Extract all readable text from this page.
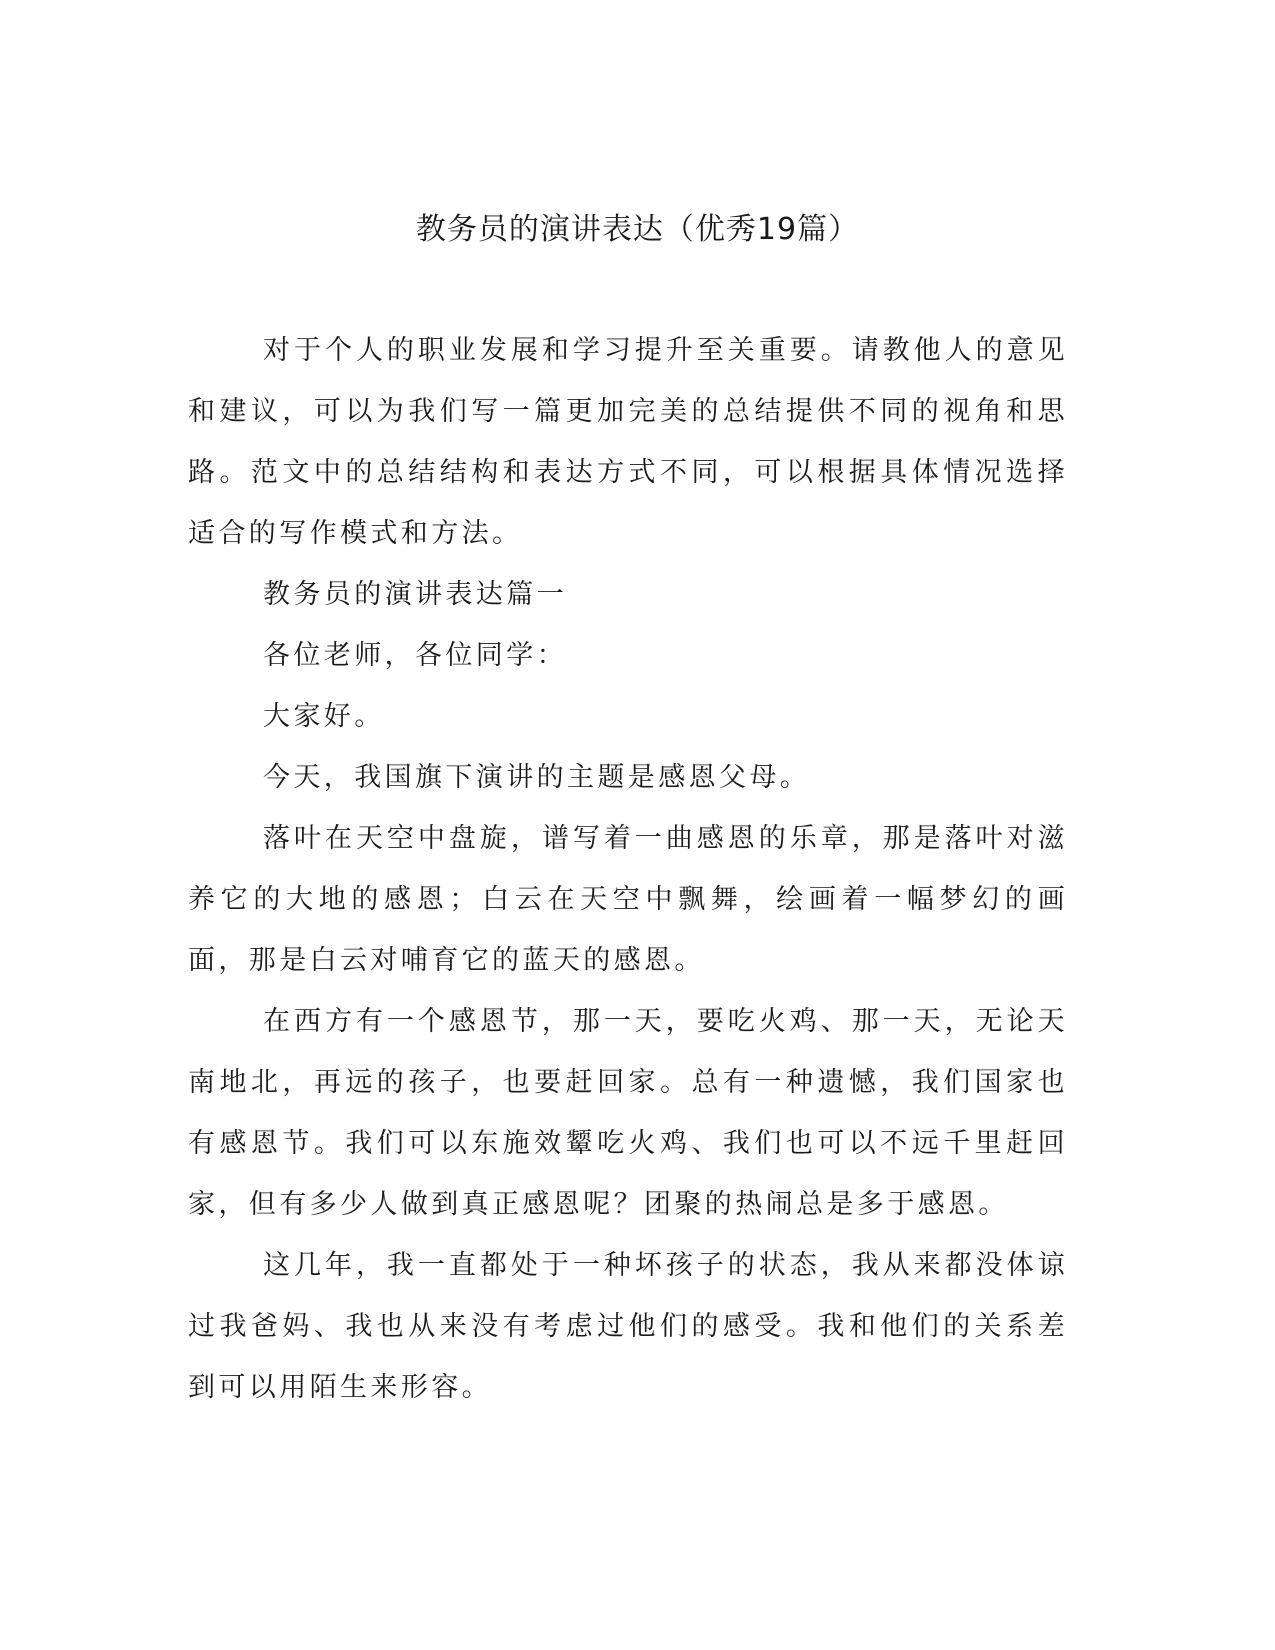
教务员的演讲表达（优秀19篇）

对于个人的职业发展和学习提升至关重要。请教他人的意见和建议，可以为我们写一篇更加完美的总结提供不同的视角和思路。范文中的总结结构和表达方式不同，可以根据具体情况选择适合的写作模式和方法。

教务员的演讲表达篇一

各位老师，各位同学：

大家好。

今天，我国旗下演讲的主题是感恩父母。

落叶在天空中盘旋，谱写着一曲感恩的乐章，那是落叶对滋养它的大地的感恩；白云在天空中飘舞，绘画着一幅梦幻的画面，那是白云对哺育它的蓝天的感恩。

在西方有一个感恩节，那一天，要吃火鸡、那一天，无论天南地北，再远的孩子，也要赶回家。总有一种遗憾，我们国家也有感恩节。我们可以东施效颦吃火鸡、我们也可以不远千里赶回家，但有多少人做到真正感恩呢？团聚的热闹总是多于感恩。

这几年，我一直都处于一种坏孩子的状态，我从来都没体谅过我爸妈、我也从来没有考虑过他们的感受。我和他们的关系差到可以用陌生来形容。
